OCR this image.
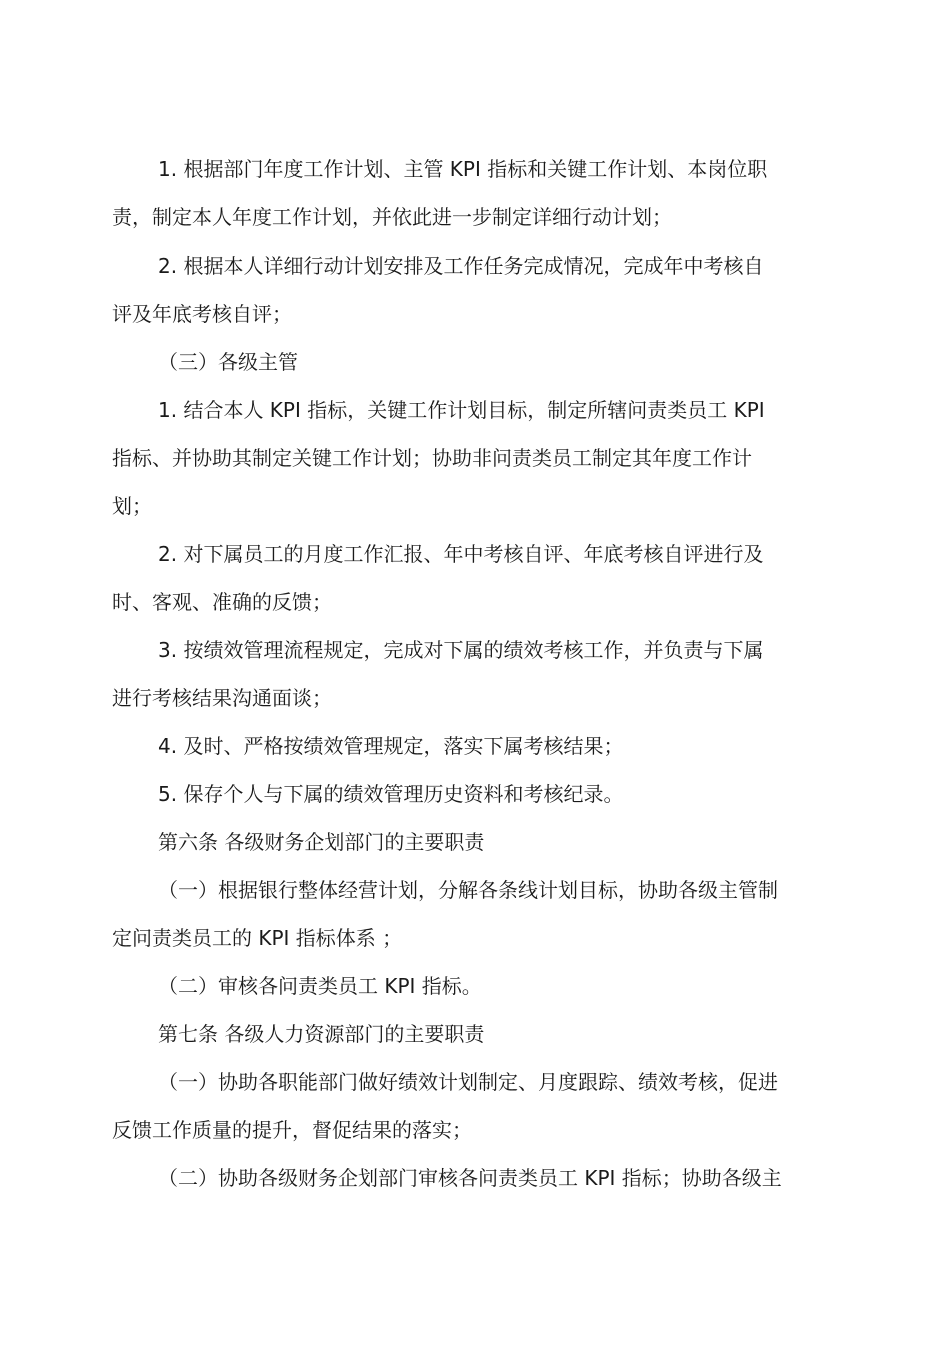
1. 根据部门年度工作计划、主管 KPI 指标和关键工作计划、本岗位职
责，制定本人年度工作计划，并依此进一步制定详细行动计划；
2. 根据本人详细行动计划安排及工作任务完成情况，完成年中考核自
评及年底考核自评；
（三）各级主管
1. 结合本人 KPI 指标，关键工作计划目标，制定所辖问责类员工 KPI
指标、并协助其制定关键工作计划；协助非问责类员工制定其年度工作计
划；
2. 对下属员工的月度工作汇报、年中考核自评、年底考核自评进行及
时、客观、准确的反馈；
3. 按绩效管理流程规定，完成对下属的绩效考核工作，并负责与下属
进行考核结果沟通面谈；
4. 及时、严格按绩效管理规定，落实下属考核结果；
5. 保存个人与下属的绩效管理历史资料和考核纪录。
第六条 各级财务企划部门的主要职责
（一）根据银行整体经营计划，分解各条线计划目标，协助各级主管制
定问责类员工的 KPI 指标体系 ；
（二）审核各问责类员工 KPI 指标。
第七条 各级人力资源部门的主要职责
（一）协助各职能部门做好绩效计划制定、月度跟踪、绩效考核，促进
反馈工作质量的提升，督促结果的落实；
（二）协助各级财务企划部门审核各问责类员工 KPI 指标；协助各级主
